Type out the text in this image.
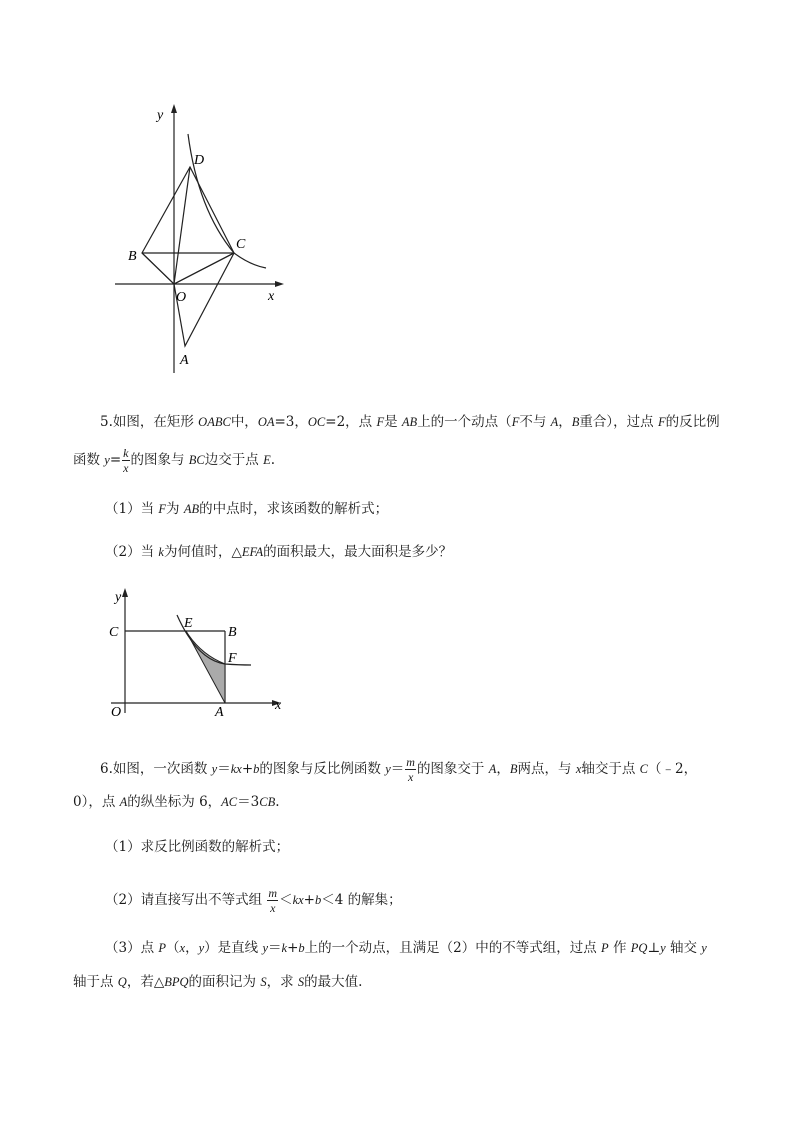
y
x
D
B
C
O
A
5.如图，在矩形 OABC中，OA=3，OC=2，点 F是 AB上的一个动点（F不与 A，B重合），过点 F的反比例
函数 $y= \frac{k}{x}$ 的图象与 BC边交于点 E.
（1）当 F为 AB的中点时，求该函数的解析式；
（2）当 k为何值时，△EFA的面积最大，最大面积是多少？
y
C
E
B
F
O	A	x
6.如图，一次函数 y＝kx+b的图象与反比例函数 $y= \frac{m}{x}$ 的图象交于 A，B两点，与 x轴交于点 C（﹣2，
0），点 A的纵坐标为 6，AC＝3CB.
（1）求反比例函数的解析式；
（2）请直接写出不等式组 $\frac{m}{x} <kx+b<4$ 的解集；
（3）点 P（x，y）是直线 y＝k+b上的一个动点，且满足（2）中的不等式组，过点 P 作 PQ⊥y 轴交 y
轴于点 Q，若△BPQ的面积记为 S，求 S的最大值.
